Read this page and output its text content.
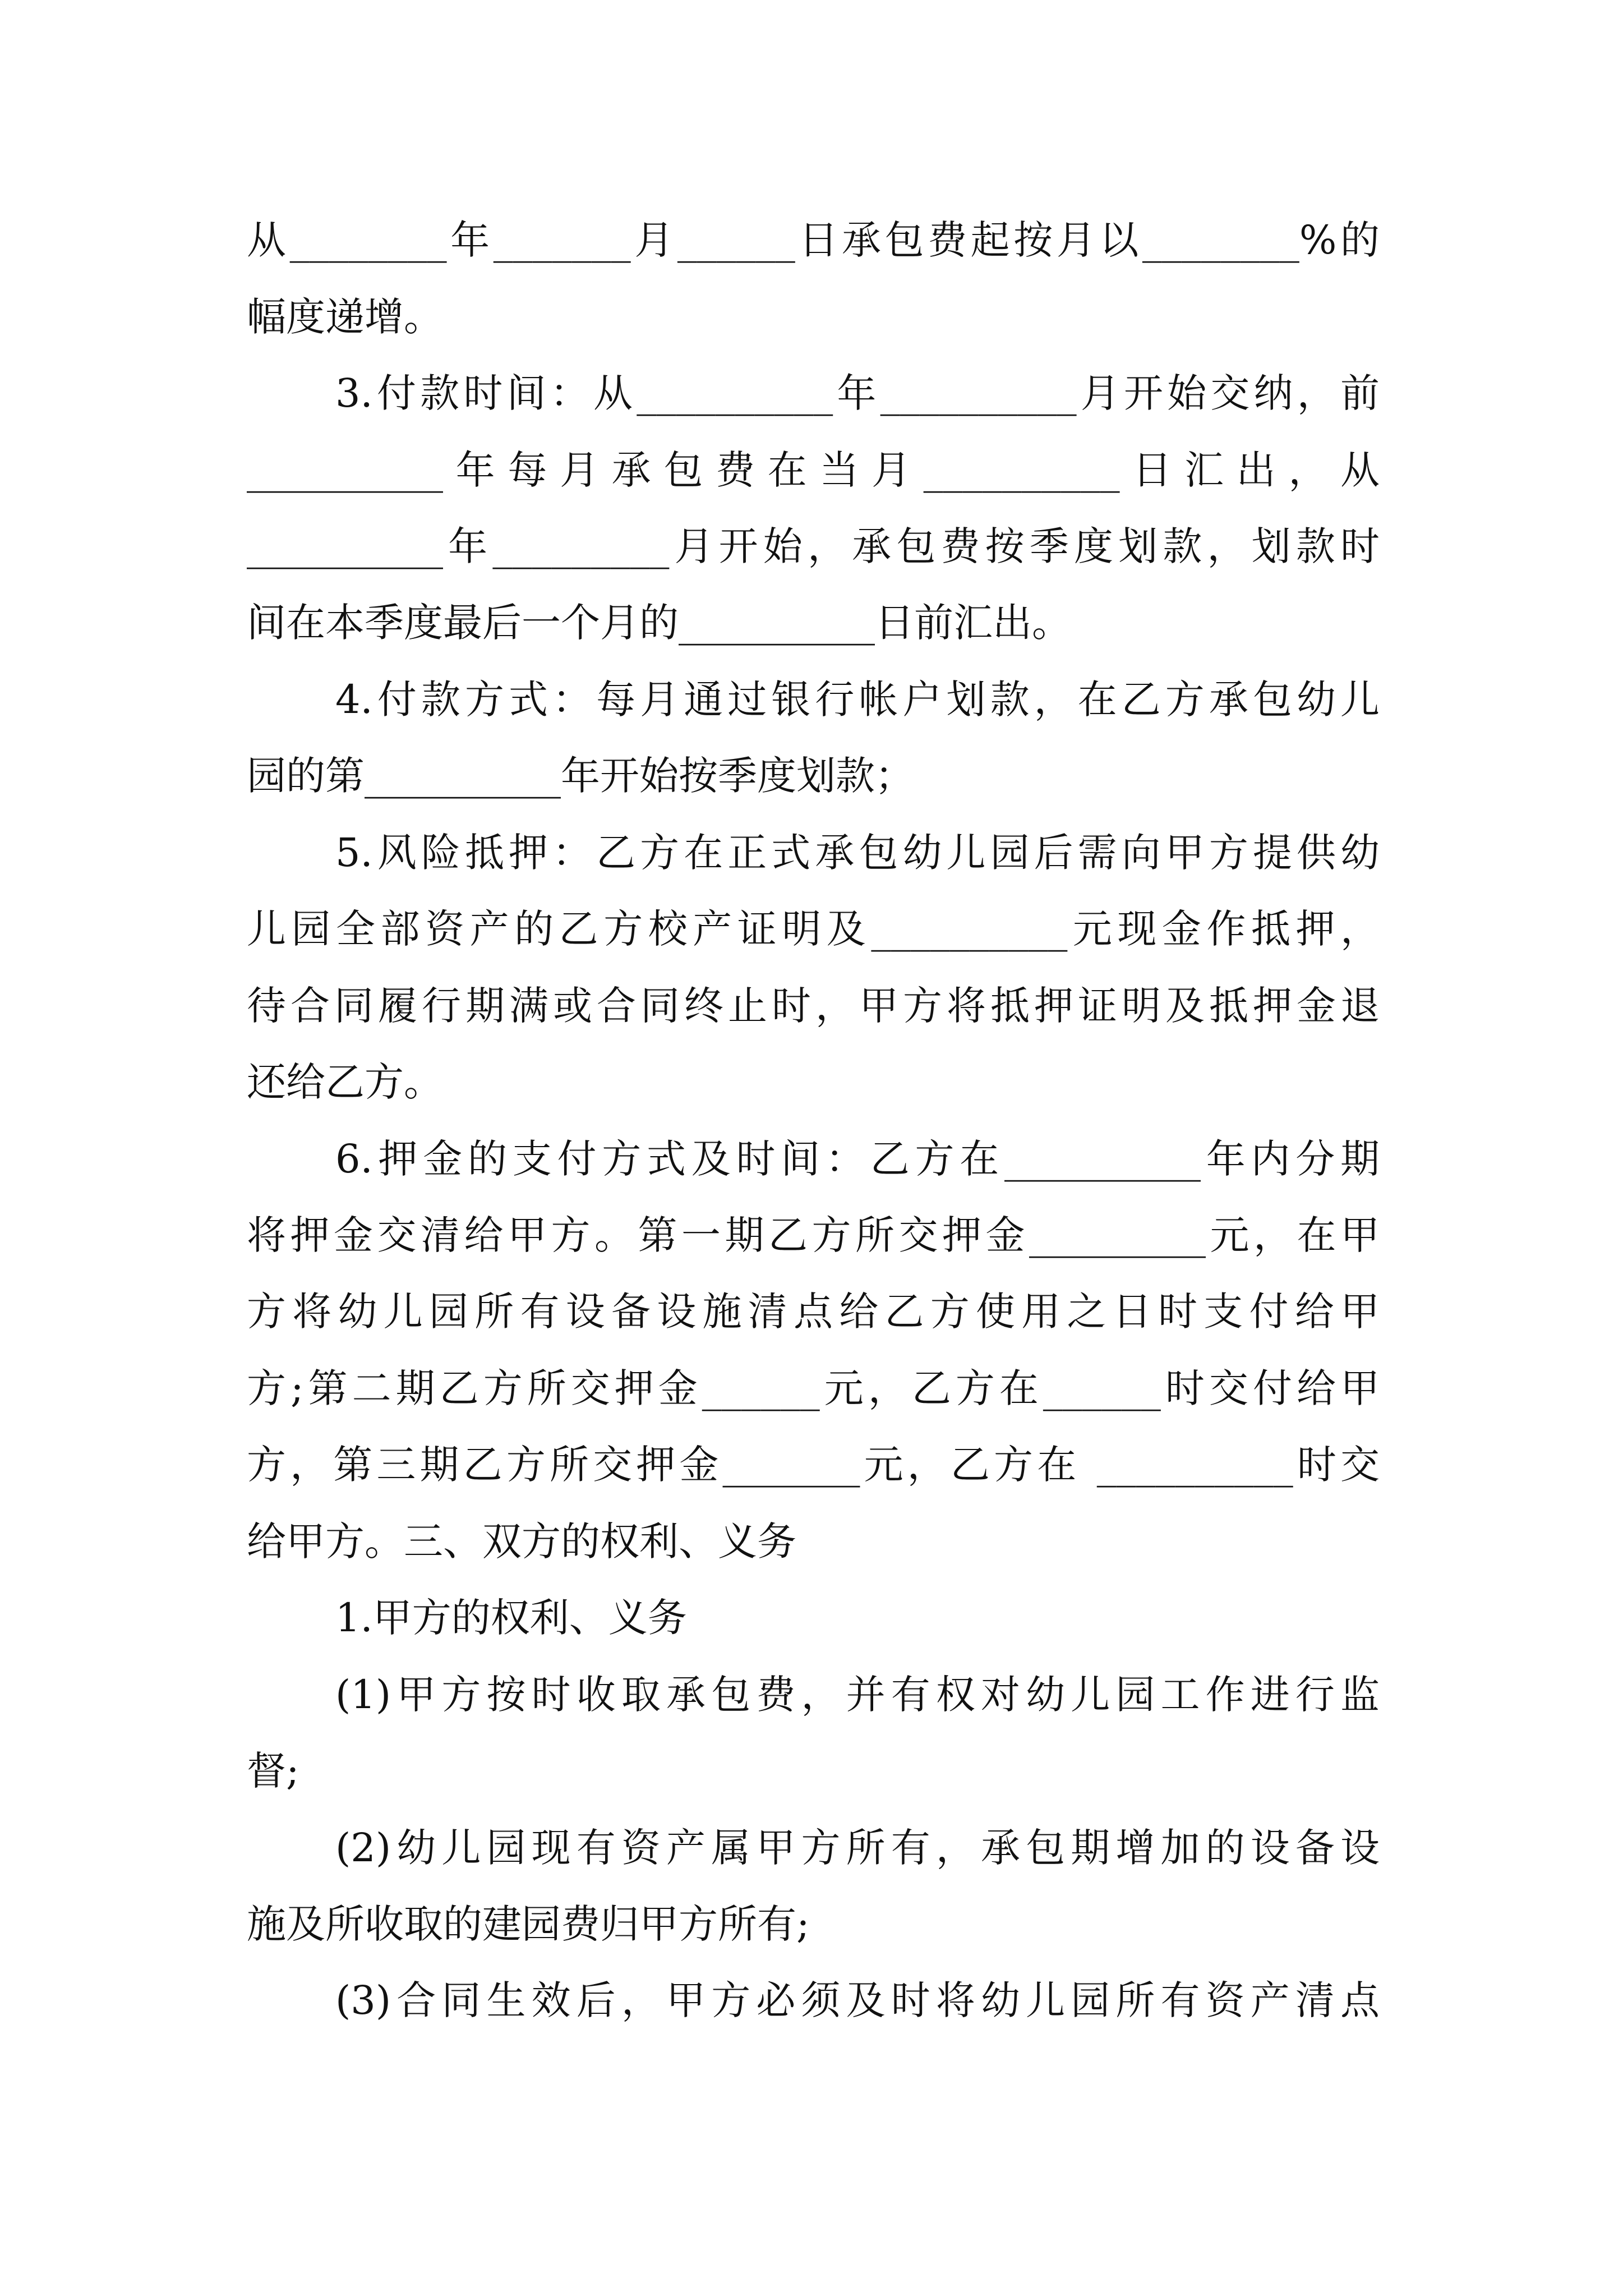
从________年_______月______日承包费起按月以________%的
幅度递增。
3.付款时间：从__________年__________月开始交纳，前
__________年每月承包费在当月__________日汇出，从
__________年_________月开始，承包费按季度划款，划款时
间在本季度最后一个月的__________日前汇出。
4.付款方式：每月通过银行帐户划款，在乙方承包幼儿
园的第__________年开始按季度划款；
5.风险抵押：乙方在正式承包幼儿园后需向甲方提供幼
儿园全部资产的乙方校产证明及__________元现金作抵押，
待合同履行期满或合同终止时，甲方将抵押证明及抵押金退
还给乙方。
6.押金的支付方式及时间：乙方在__________年内分期
将押金交清给甲方。第一期乙方所交押金_________元，在甲
方将幼儿园所有设备设施清点给乙方使用之日时支付给甲
方;第二期乙方所交押金______元，乙方在______时交付给甲
方，第三期乙方所交押金_______元，乙方在 __________时交
给甲方。三、双方的权利、义务
1.甲方的权利、义务
(1)甲方按时收取承包费，并有权对幼儿园工作进行监
督;
(2)幼儿园现有资产属甲方所有，承包期增加的设备设
施及所收取的建园费归甲方所有;
(3)合同生效后，甲方必须及时将幼儿园所有资产清点
